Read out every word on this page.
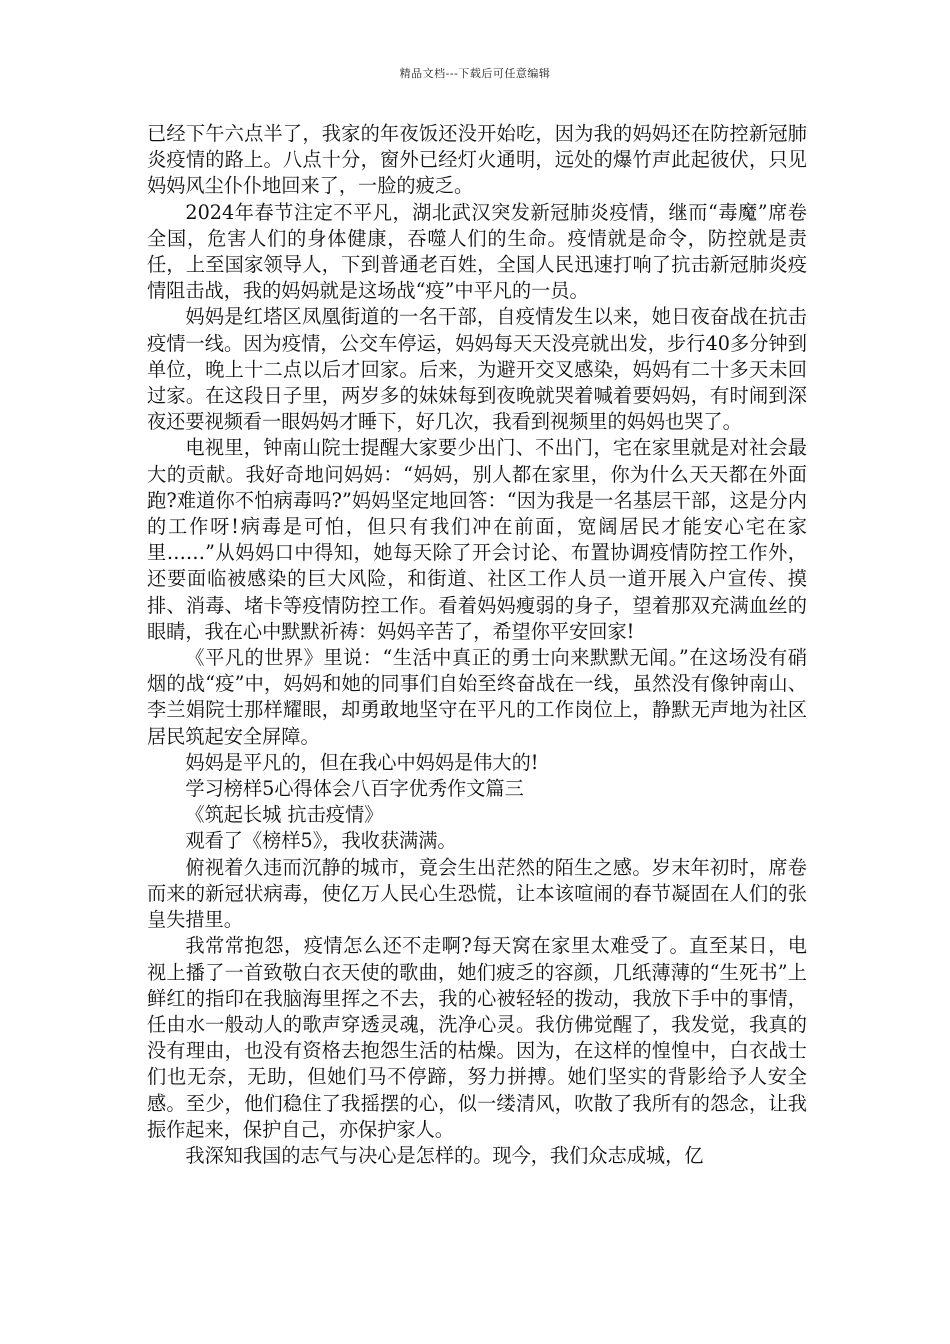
精品文档---下载后可任意编辑

已经下午六点半了，我家的年夜饭还没开始吃，因为我的妈妈还在防控新冠肺炎疫情的路上。八点十分，窗外已经灯火通明，远处的爆竹声此起彼伏，只见妈妈风尘仆仆地回来了，一脸的疲乏。

2024年春节注定不平凡，湖北武汉突发新冠肺炎疫情，继而“毒魔”席卷全国，危害人们的身体健康，吞噬人们的生命。疫情就是命令，防控就是责任，上至国家领导人，下到普通老百姓，全国人民迅速打响了抗击新冠肺炎疫情阻击战，我的妈妈就是这场战“疫”中平凡的一员。

妈妈是红塔区凤凰街道的一名干部，自疫情发生以来，她日夜奋战在抗击疫情一线。因为疫情，公交车停运，妈妈每天天没亮就出发，步行40多分钟到单位，晚上十二点以后才回家。后来，为避开交叉感染，妈妈有二十多天未回过家。在这段日子里，两岁多的妹妹每到夜晚就哭着喊着要妈妈，有时闹到深夜还要视频看一眼妈妈才睡下，好几次，我看到视频里的妈妈也哭了。

电视里，钟南山院士提醒大家要少出门、不出门，宅在家里就是对社会最大的贡献。我好奇地问妈妈：“妈妈，别人都在家里，你为什么天天都在外面跑?难道你不怕病毒吗?”妈妈坚定地回答：“因为我是一名基层干部，这是分内的工作呀!病毒是可怕，但只有我们冲在前面，宽阔居民才能安心宅在家里……”从妈妈口中得知，她每天除了开会讨论、布置协调疫情防控工作外，还要面临被感染的巨大风险，和街道、社区工作人员一道开展入户宣传、摸排、消毒、堵卡等疫情防控工作。看着妈妈瘦弱的身子，望着那双充满血丝的眼睛，我在心中默默祈祷：妈妈辛苦了，希望你平安回家!

《平凡的世界》里说：“生活中真正的勇士向来默默无闻。”在这场没有硝烟的战“疫”中，妈妈和她的同事们自始至终奋战在一线，虽然没有像钟南山、李兰娟院士那样耀眼，却勇敢地坚守在平凡的工作岗位上，静默无声地为社区居民筑起安全屏障。

妈妈是平凡的，但在我心中妈妈是伟大的!

学习榜样5心得体会八百字优秀作文篇三

《筑起长城 抗击疫情》

观看了《榜样5》，我收获满满。

俯视着久违而沉静的城市，竟会生出茫然的陌生之感。岁末年初时，席卷而来的新冠状病毒，使亿万人民心生恐慌，让本该喧闹的春节凝固在人们的张皇失措里。

我常常抱怨，疫情怎么还不走啊?每天窝在家里太难受了。直至某日，电视上播了一首致敬白衣天使的歌曲，她们疲乏的容颜，几纸薄薄的“生死书”上鲜红的指印在我脑海里挥之不去，我的心被轻轻的拨动，我放下手中的事情，任由水一般动人的歌声穿透灵魂，洗净心灵。我仿佛觉醒了，我发觉，我真的没有理由，也没有资格去抱怨生活的枯燥。因为，在这样的惶惶中，白衣战士们也无奈，无助，但她们马不停蹄，努力拼搏。她们坚实的背影给予人安全感。至少，他们稳住了我摇摆的心，似一缕清风，吹散了我所有的怨念，让我振作起来，保护自己，亦保护家人。

我深知我国的志气与决心是怎样的。现今，我们众志成城，亿
